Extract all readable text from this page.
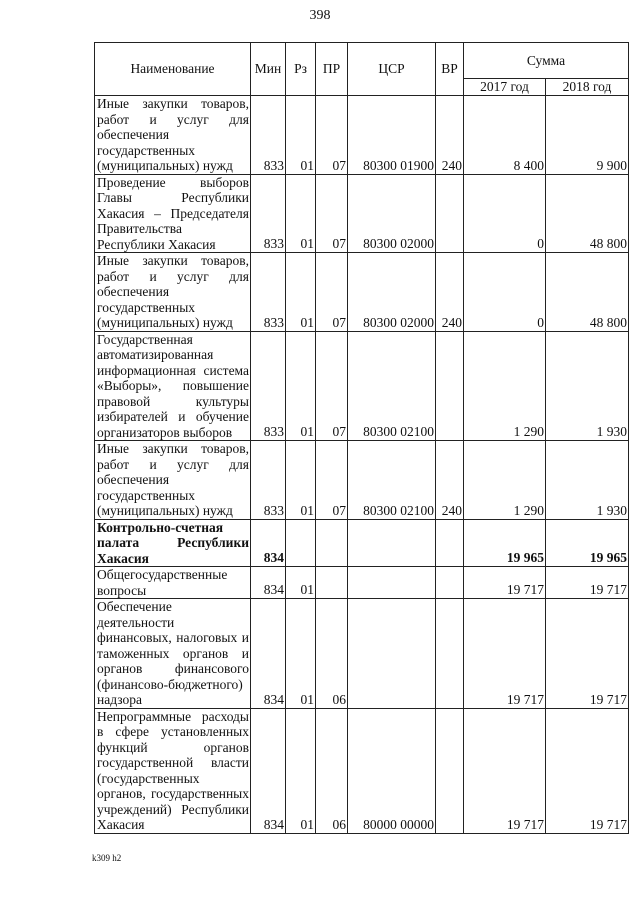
398
Наименование	Мин	Рз	ПР	ЦСР	ВР	Сумма	
						2017 год	2018 год
Иные закупки товаров, работ и услуг для обеспечения государственных (муниципальных) нужд	833	01	07	80300 01900	240	8 400	9 900
Проведение выборов Главы Республики Хакасия – Председателя Правительства Республики Хакасия	833	01	07	80300 02000		0	48 800
Иные закупки товаров, работ и услуг для обеспечения государственных (муниципальных) нужд	833	01	07	80300 02000	240	0	48 800
Государственная автоматизированная информационная система «Выборы», повышение правовой культуры избирателей и обучение организаторов выборов	833	01	07	80300 02100		1 290	1 930
Иные закупки товаров, работ и услуг для обеспечения государственных (муниципальных) нужд	833	01	07	80300 02100	240	1 290	1 930
Контрольно-счетная палата Республики Хакасия	834					19 965	19 965
Общегосударственные вопросы	834	01				19 717	19 717
Обеспечение деятельности финансовых, налоговых и таможенных органов и органов финансового (финансово-бюджетного) надзора	834	01	06			19 717	19 717
Непрограммные расходы в сфере установленных функций органов государственной власти (государственных органов, государственных учреждений) Республики Хакасия	834	01	06	80000 00000		19 717	19 717
k309 h2
